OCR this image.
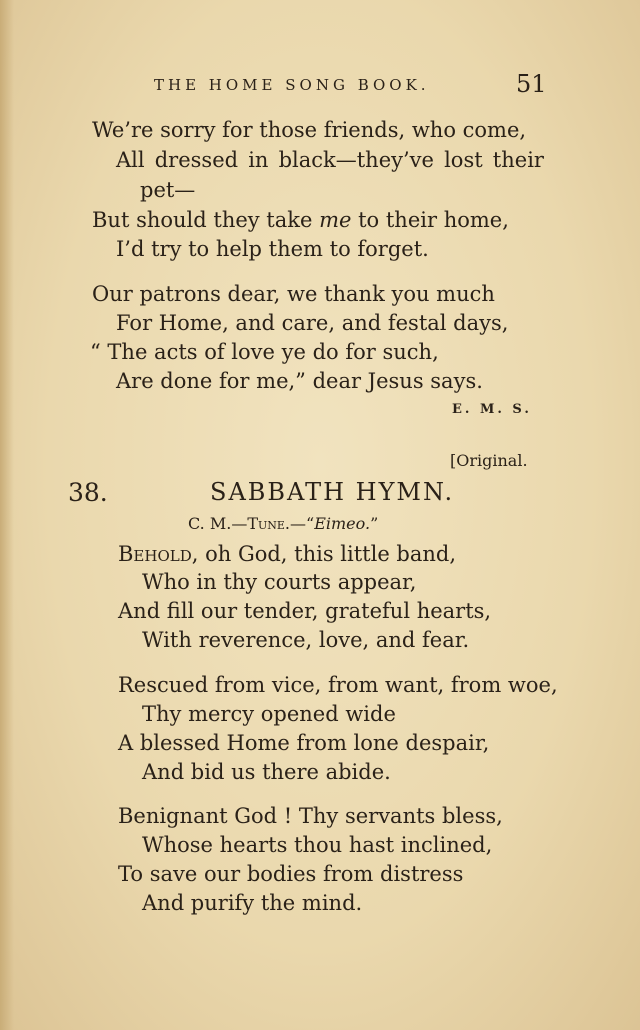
THE HOME SONG BOOK.	51
We’re sorry for those friends, who come,
All dressed in black—they’ve lost their
pet—
But should they take me to their home,
I’d try to help them to forget.
Our patrons dear, we thank you much
For Home, and care, and festal days,
“ The acts of love ye do for such,
Are done for me,” dear Jesus says.
E. M. S.
[Original.
38.	SABBATH HYMN.
C. M.—Tune.—“Eimeo.”
Behold, oh God, this little band,
Who in thy courts appear,
And fill our tender, grateful hearts,
With reverence, love, and fear.
Rescued from vice, from want, from woe,
Thy mercy opened wide
A blessed Home from lone despair,
And bid us there abide.
Benignant God ! Thy servants bless,
Whose hearts thou hast inclined,
To save our bodies from distress
And purify the mind.
